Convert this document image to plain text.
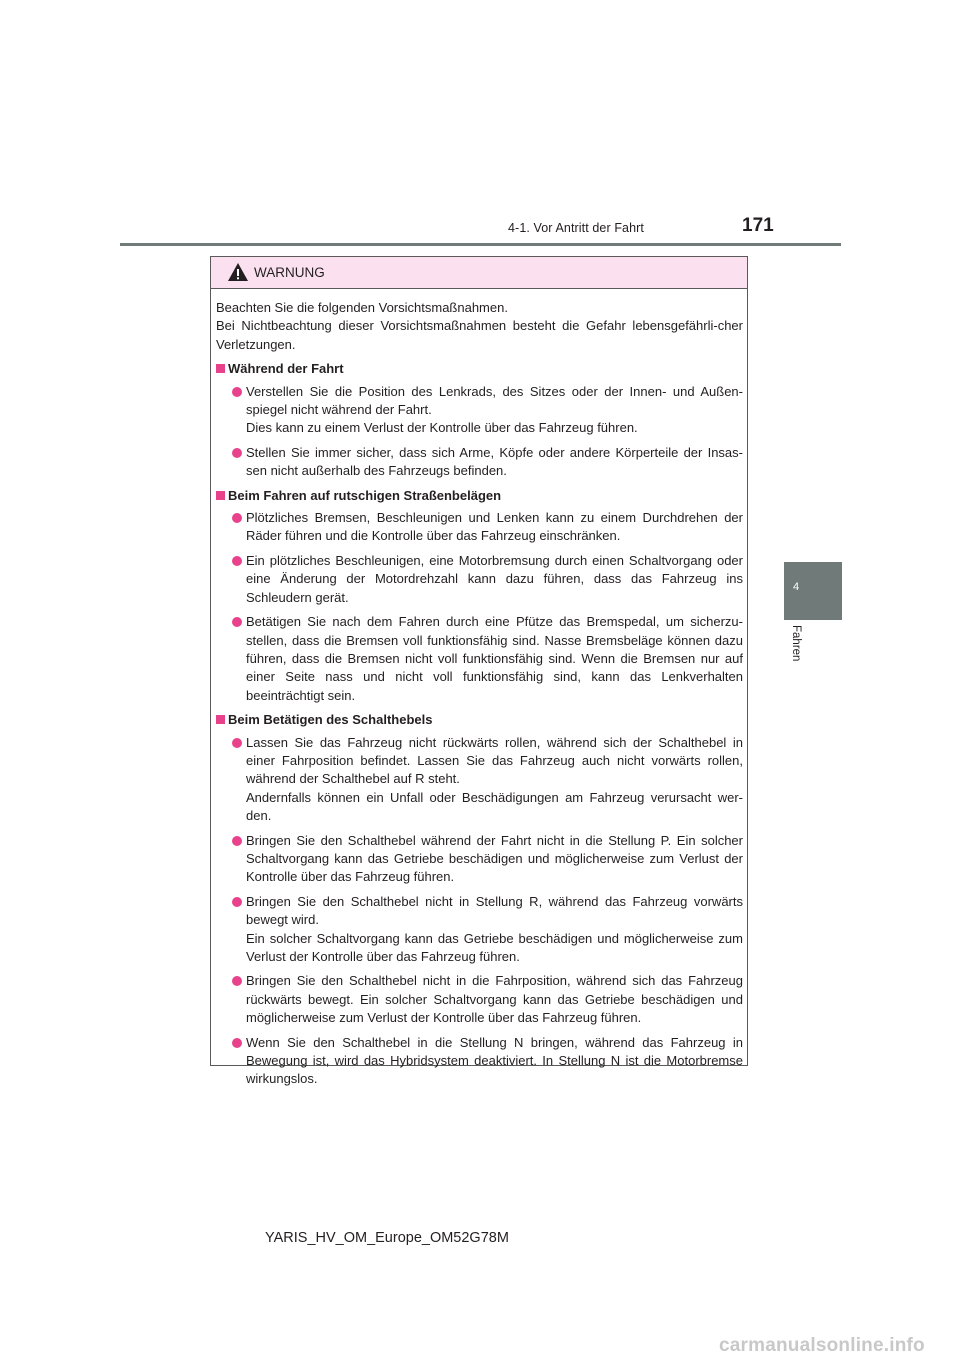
4-1. Vor Antritt der Fahrt	171
4
Fahren
WARNUNG
Beachten Sie die folgenden Vorsichtsmaßnahmen.
Bei Nichtbeachtung dieser Vorsichtsmaßnahmen besteht die Gefahr lebensgefährli-cher Verletzungen.
Während der Fahrt
Verstellen Sie die Position des Lenkrads, des Sitzes oder der Innen- und Außen-spiegel nicht während der Fahrt.
Dies kann zu einem Verlust der Kontrolle über das Fahrzeug führen.
Stellen Sie immer sicher, dass sich Arme, Köpfe oder andere Körperteile der Insas-sen nicht außerhalb des Fahrzeugs befinden.
Beim Fahren auf rutschigen Straßenbelägen
Plötzliches Bremsen, Beschleunigen und Lenken kann zu einem Durchdrehen der Räder führen und die Kontrolle über das Fahrzeug einschränken.
Ein plötzliches Beschleunigen, eine Motorbremsung durch einen Schaltvorgang oder eine Änderung der Motordrehzahl kann dazu führen, dass das Fahrzeug ins Schleudern gerät.
Betätigen Sie nach dem Fahren durch eine Pfütze das Bremspedal, um sicherzu-stellen, dass die Bremsen voll funktionsfähig sind. Nasse Bremsbeläge können dazu führen, dass die Bremsen nicht voll funktionsfähig sind. Wenn die Bremsen nur auf einer Seite nass und nicht voll funktionsfähig sind, kann das Lenkverhalten beeinträchtigt sein.
Beim Betätigen des Schalthebels
Lassen Sie das Fahrzeug nicht rückwärts rollen, während sich der Schalthebel in einer Fahrposition befindet. Lassen Sie das Fahrzeug auch nicht vorwärts rollen, während der Schalthebel auf R steht.
Andernfalls können ein Unfall oder Beschädigungen am Fahrzeug verursacht wer-den.
Bringen Sie den Schalthebel während der Fahrt nicht in die Stellung P. Ein solcher Schaltvorgang kann das Getriebe beschädigen und möglicherweise zum Verlust der Kontrolle über das Fahrzeug führen.
Bringen Sie den Schalthebel nicht in Stellung R, während das Fahrzeug vorwärts bewegt wird.
Ein solcher Schaltvorgang kann das Getriebe beschädigen und möglicherweise zum Verlust der Kontrolle über das Fahrzeug führen.
Bringen Sie den Schalthebel nicht in die Fahrposition, während sich das Fahrzeug rückwärts bewegt. Ein solcher Schaltvorgang kann das Getriebe beschädigen und möglicherweise zum Verlust der Kontrolle über das Fahrzeug führen.
Wenn Sie den Schalthebel in die Stellung N bringen, während das Fahrzeug in Bewegung ist, wird das Hybridsystem deaktiviert. In Stellung N ist die Motorbremse wirkungslos.
YARIS_HV_OM_Europe_OM52G78M
carmanualsonline.info
